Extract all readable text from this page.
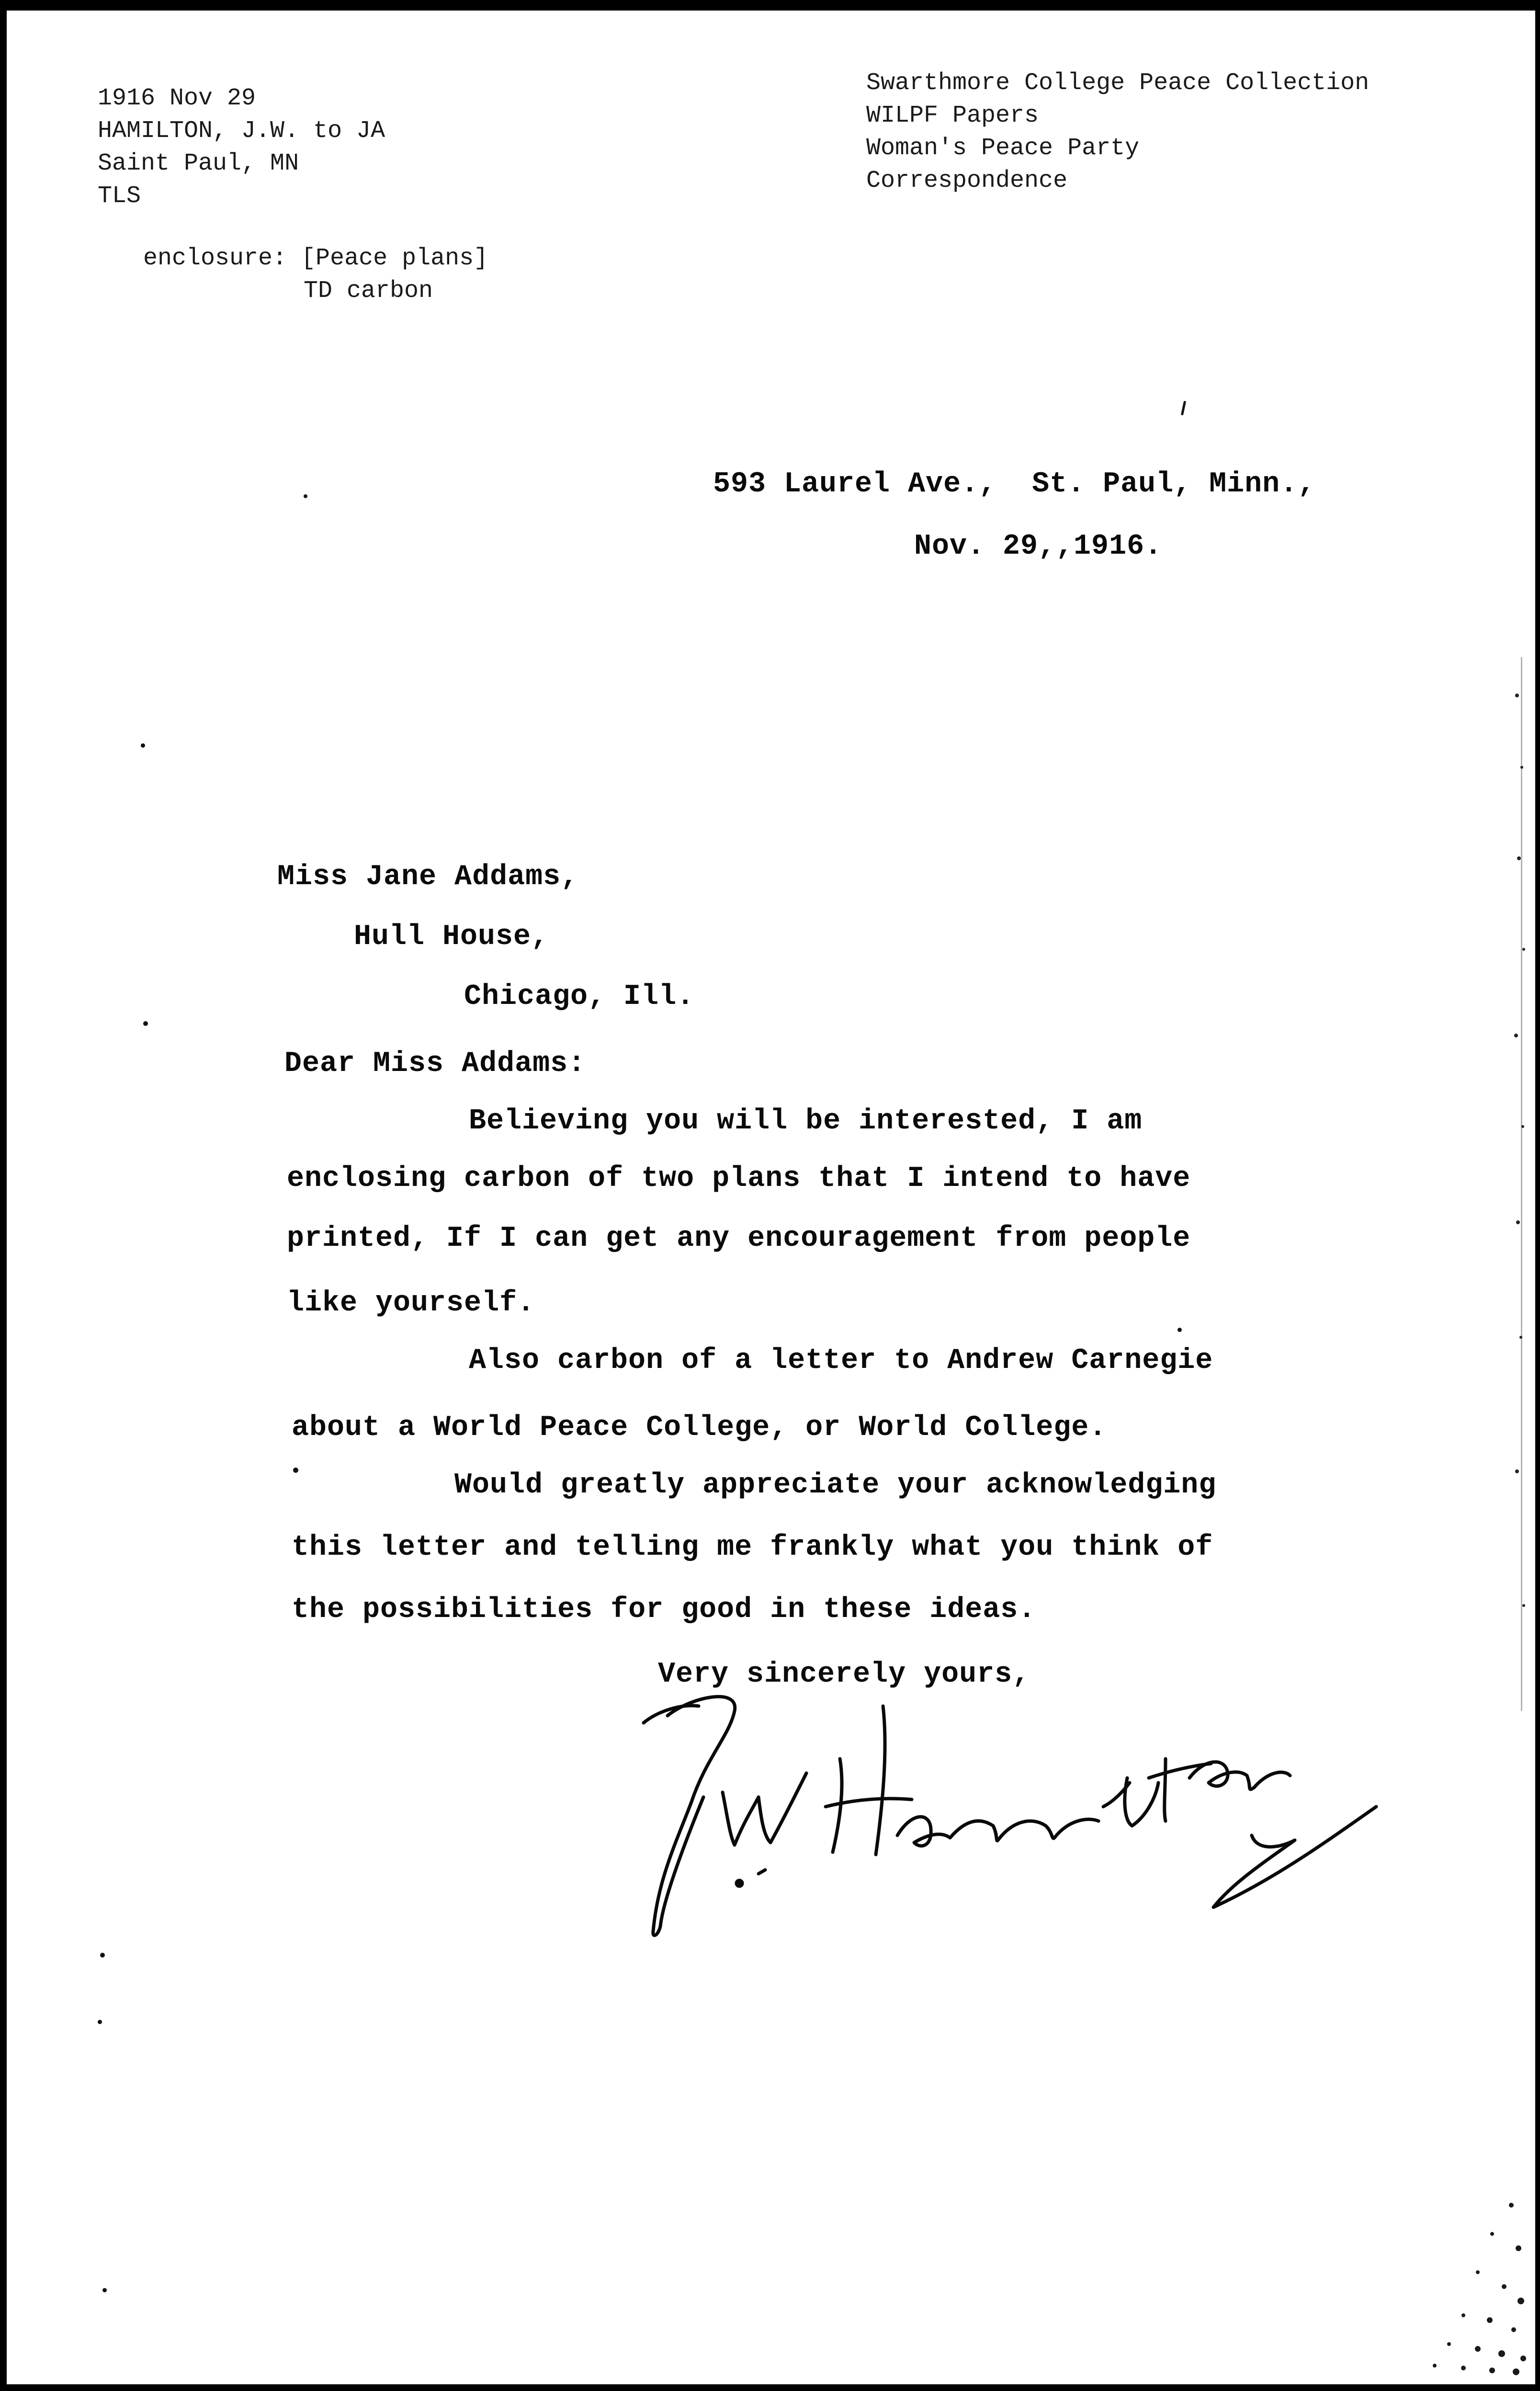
1916 Nov 29
HAMILTON, J.W. to JA
Saint Paul, MN
TLS
Swarthmore College Peace Collection
WILPF Papers
Woman's Peace Party
Correspondence
enclosure: [Peace plans]
TD carbon
593 Laurel Ave.,  St. Paul, Minn.,
Nov. 29,,1916.
Miss Jane Addams,
Hull House,
Chicago, Ill.
Dear Miss Addams:
Believing you will be interested, I am
enclosing carbon of two plans that I intend to have
printed, If I can get any encouragement from people
like yourself.
Also carbon of a letter to Andrew Carnegie
about a World Peace College, or World College.
Would greatly appreciate your acknowledging
this letter and telling me frankly what you think of
the possibilities for good in these ideas.
Very sincerely yours,
